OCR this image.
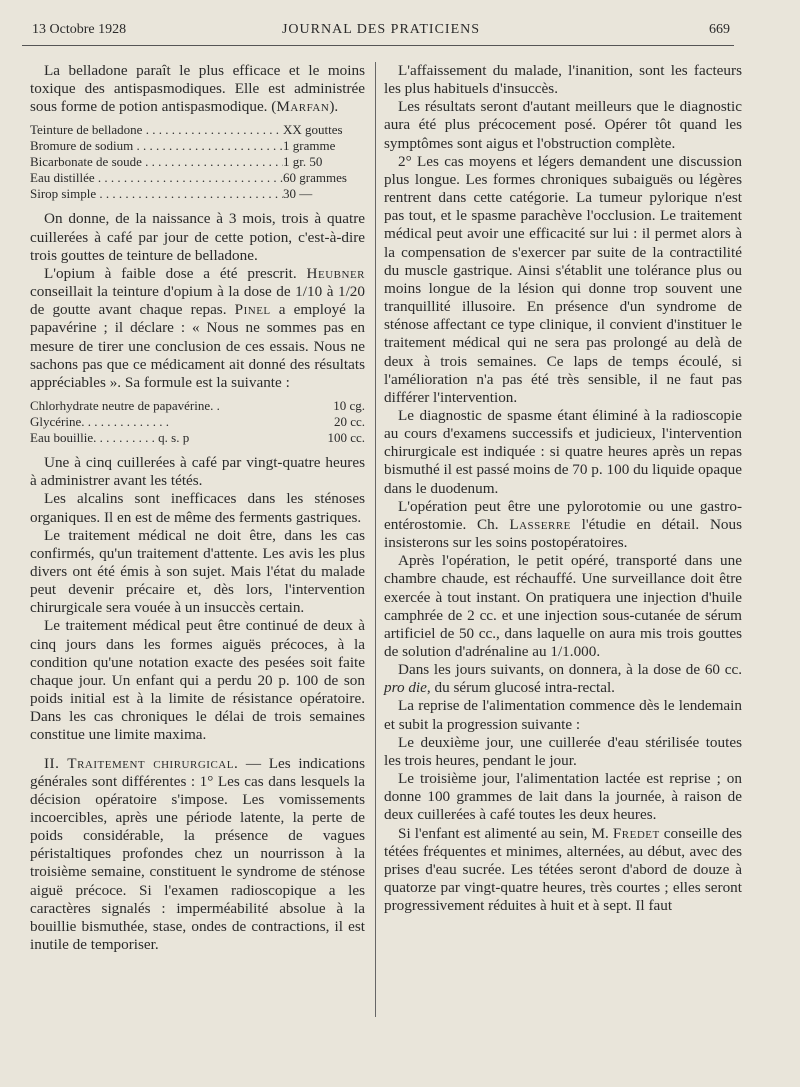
13 Octobre 1928	JOURNAL DES PRATICIENS	669

La belladone paraît le plus efficace et le moins toxique des antispasmodiques. Elle est administrée sous forme de potion antispasmodique. (Marfan).

Teinture de belladone . . .	XX gouttes
Bromure de sodium . . .	1 gramme
Bicarbonate de soude . . .	1 gr. 50
Eau distillée . . .	60 grammes
Sirop simple . . .	30 —

On donne, de la naissance à 3 mois, trois à quatre cuillerées à café par jour de cette potion, c'est-à-dire trois gouttes de teinture de belladone.

L'opium à faible dose a été prescrit. Heubner conseillait la teinture d'opium à la dose de 1/10 à 1/20 de goutte avant chaque repas. Pinel a employé la papavérine ; il déclare : « Nous ne sommes pas en mesure de tirer une conclusion de ces essais. Nous ne sachons pas que ce médicament ait donné des résultats appréciables ». Sa formule est la suivante :

Chlorhydrate neutre de papavérine. .	10 cg.
Glycérine. . . . . . . . . . . . . .	20 cc.
Eau bouillie. . . . . . . . . . q. s. p	100 cc.

Une à cinq cuillerées à café par vingt-quatre heures à administrer avant les tétés.

Les alcalins sont inefficaces dans les sténoses organiques. Il en est de même des ferments gastriques.

Le traitement médical ne doit être, dans les cas confirmés, qu'un traitement d'attente. Les avis les plus divers ont été émis à son sujet. Mais l'état du malade peut devenir précaire et, dès lors, l'intervention chirurgicale sera vouée à un insuccès certain.

Le traitement médical peut être continué de deux à cinq jours dans les formes aiguës précoces, à la condition qu'une notation exacte des pesées soit faite chaque jour. Un enfant qui a perdu 20 p. 100 de son poids initial est à la limite de résistance opératoire. Dans les cas chroniques le délai de trois semaines constitue une limite maxima.

II. Traitement chirurgical. — Les indications générales sont différentes : 1° Les cas dans lesquels la décision opératoire s'impose. Les vomissements incoercibles, après une période latente, la perte de poids considérable, la présence de vagues péristaltiques profondes chez un nourrisson à la troisième semaine, constituent le syndrome de sténose aiguë précoce. Si l'examen radioscopique a les caractères signalés : imperméabilité absolue à la bouillie bismuthée, stase, ondes de contractions, il est inutile de temporiser.

L'affaissement du malade, l'inanition, sont les facteurs les plus habituels d'insuccès.

Les résultats seront d'autant meilleurs que le diagnostic aura été plus précocement posé. Opérer tôt quand les symptômes sont aigus et l'obstruction complète.

2° Les cas moyens et légers demandent une discussion plus longue. Les formes chroniques subaiguës ou légères rentrent dans cette catégorie. La tumeur pylorique n'est pas tout, et le spasme parachève l'occlusion. Le traitement médical peut avoir une efficacité sur lui : il permet alors à la compensation de s'exercer par suite de la contractilité du muscle gastrique. Ainsi s'établit une tolérance plus ou moins longue de la lésion qui donne trop souvent une tranquillité illusoire. En présence d'un syndrome de sténose affectant ce type clinique, il convient d'instituer le traitement médical qui ne sera pas prolongé au delà de deux à trois semaines. Ce laps de temps écoulé, si l'amélioration n'a pas été très sensible, il ne faut pas différer l'intervention.

Le diagnostic de spasme étant éliminé à la radioscopie au cours d'examens successifs et judicieux, l'intervention chirurgicale est indiquée : si quatre heures après un repas bismuthé il est passé moins de 70 p. 100 du liquide opaque dans le duodenum.

L'opération peut être une pylorotomie ou une gastro-entérostomie. Ch. Lasserre l'étudie en détail. Nous insisterons sur les soins postopératoires.

Après l'opération, le petit opéré, transporté dans une chambre chaude, est réchauffé. Une surveillance doit être exercée à tout instant. On pratiquera une injection d'huile camphrée de 2 cc. et une injection sous-cutanée de sérum artificiel de 50 cc., dans laquelle on aura mis trois gouttes de solution d'adrénaline au 1/1.000.

Dans les jours suivants, on donnera, à la dose de 60 cc. pro die, du sérum glucosé intra-rectal.

La reprise de l'alimentation commence dès le lendemain et subit la progression suivante :

Le deuxième jour, une cuillerée d'eau stérilisée toutes les trois heures, pendant le jour.

Le troisième jour, l'alimentation lactée est reprise ; on donne 100 grammes de lait dans la journée, à raison de deux cuillerées à café toutes les deux heures.

Si l'enfant est alimenté au sein, M. Fredet conseille des tétées fréquentes et minimes, alternées, au début, avec des prises d'eau sucrée. Les tétées seront d'abord de douze à quatorze par vingt-quatre heures, très courtes ; elles seront progressivement réduites à huit et à sept. Il faut
